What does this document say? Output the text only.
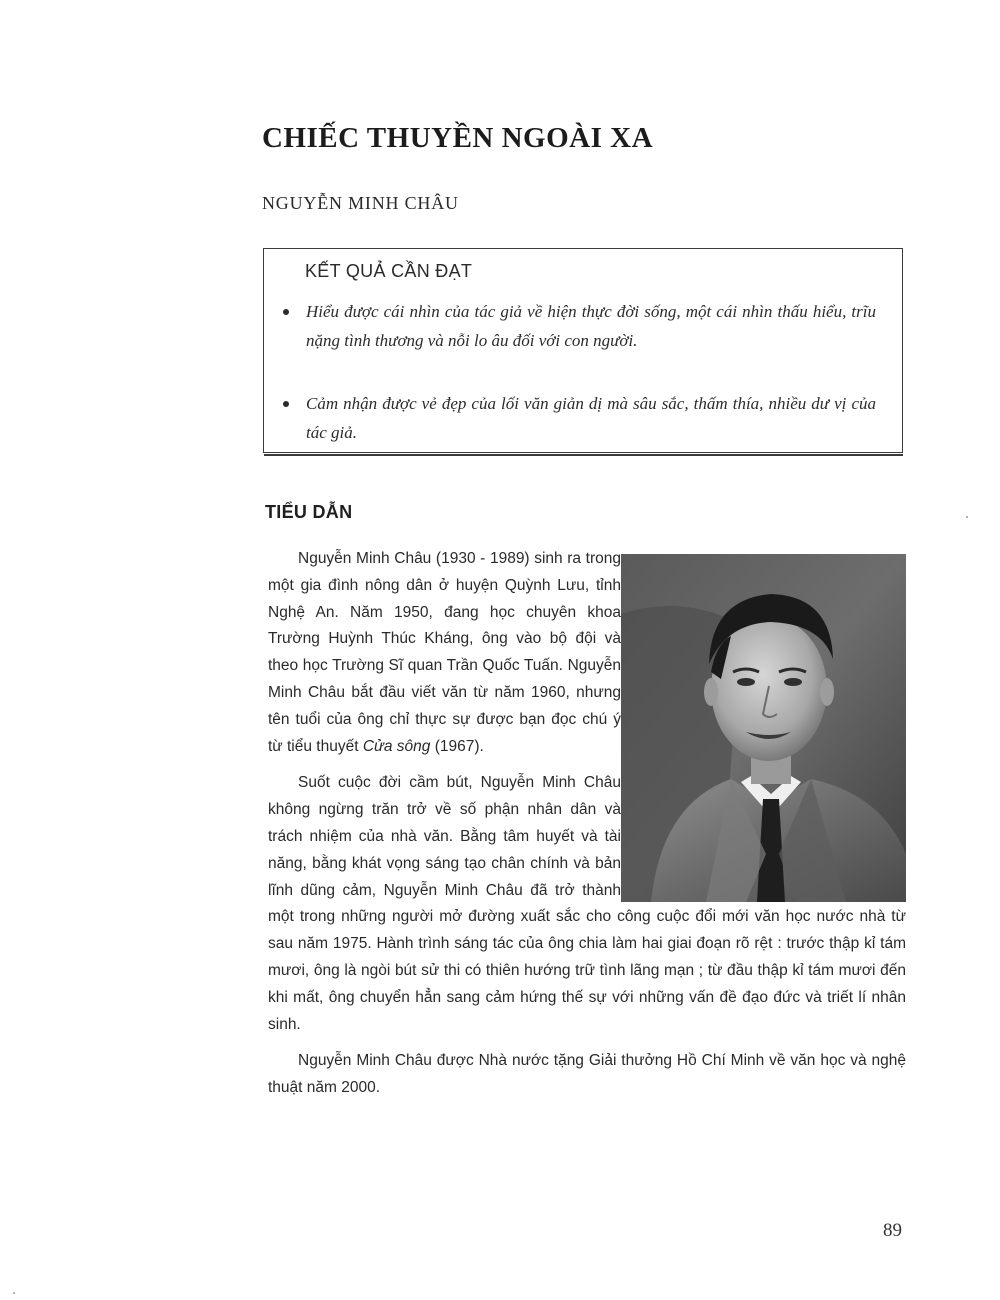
CHIẾC THUYỀN NGOÀI XA
NGUYỄN MINH CHÂU
KẾT QUẢ CẦN ĐẠT
Hiểu được cái nhìn của tác giả về hiện thực đời sống, một cái nhìn thấu hiểu, trĩu nặng tình thương và nỗi lo âu đối với con người.
Cảm nhận được vẻ đẹp của lối văn giản dị mà sâu sắc, thấm thía, nhiều dư vị của tác giả.
TIỂU DẪN

Nguyễn Minh Châu (1930 - 1989) sinh ra trong một gia đình nông dân ở huyện Quỳnh Lưu, tỉnh Nghệ An. Năm 1950, đang học chuyên khoa Trường Huỳnh Thúc Kháng, ông vào bộ đội và theo học Trường Sĩ quan Trần Quốc Tuấn. Nguyễn Minh Châu bắt đầu viết văn từ năm 1960, nhưng tên tuổi của ông chỉ thực sự được bạn đọc chú ý từ tiểu thuyết Cửa sông (1967).

Suốt cuộc đời cầm bút, Nguyễn Minh Châu không ngừng trăn trở về số phận nhân dân và trách nhiệm của nhà văn. Bằng tâm huyết và tài năng, bằng khát vọng sáng tạo chân chính và bản lĩnh dũng cảm, Nguyễn Minh Châu đã trở thành một trong những người mở đường xuất sắc cho công cuộc đổi mới văn học nước nhà từ sau năm 1975. Hành trình sáng tác của ông chia làm hai giai đoạn rõ rệt : trước thập kỉ tám mươi, ông là ngòi bút sử thi có thiên hướng trữ tình lãng mạn ; từ đầu thập kỉ tám mươi đến khi mất, ông chuyển hẳn sang cảm hứng thế sự với những vấn đề đạo đức và triết lí nhân sinh.

Nguyễn Minh Châu được Nhà nước tặng Giải thưởng Hồ Chí Minh về văn học và nghệ thuật năm 2000.

89
